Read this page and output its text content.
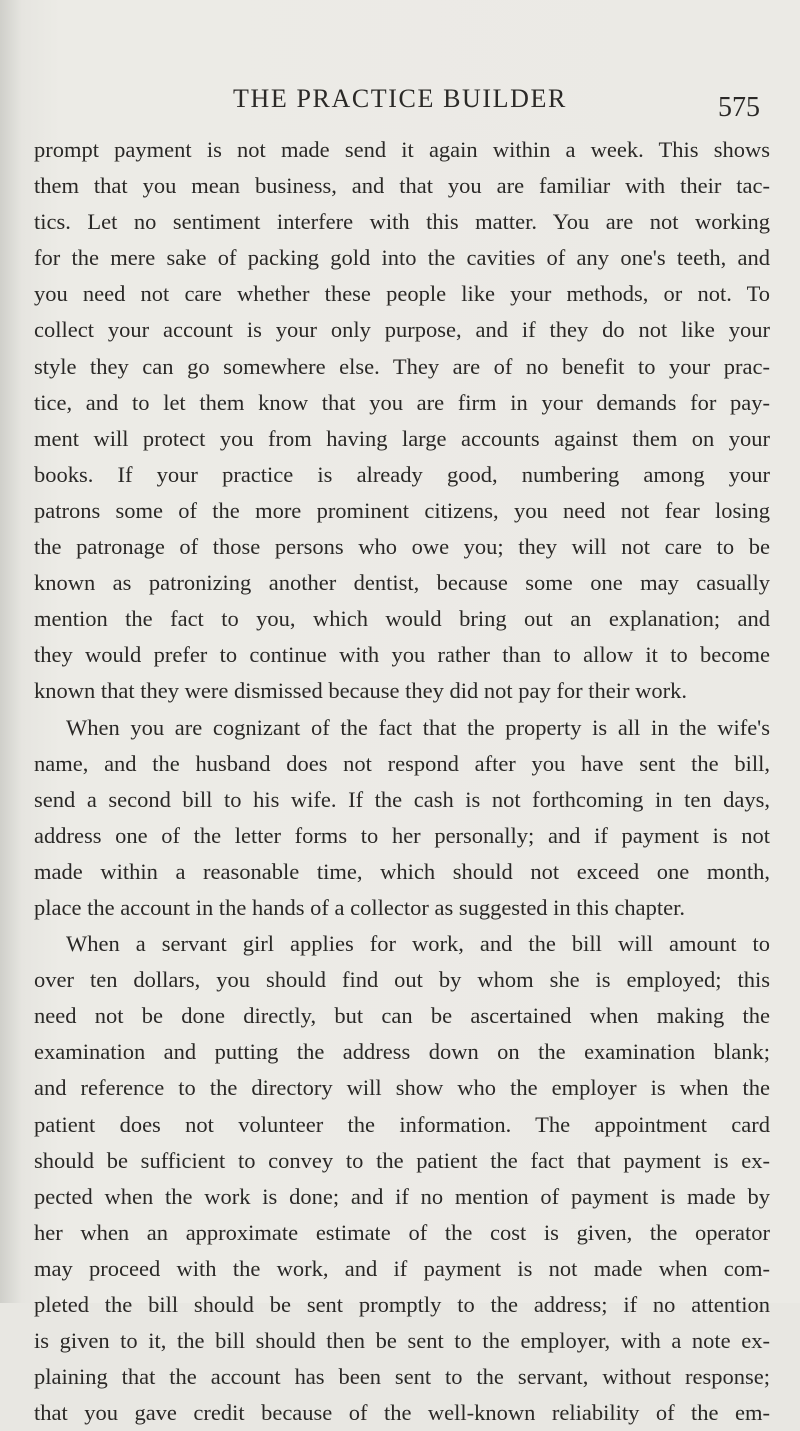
THE PRACTICE BUILDER	575
prompt payment is not made send it again within a week. This shows
them that you mean business, and that you are familiar with their tac-
tics. Let no sentiment interfere with this matter. You are not working
for the mere sake of packing gold into the cavities of any one's teeth, and
you need not care whether these people like your methods, or not. To
collect your account is your only purpose, and if they do not like your
style they can go somewhere else. They are of no benefit to your prac-
tice, and to let them know that you are firm in your demands for pay-
ment will protect you from having large accounts against them on your
books. If your practice is already good, numbering among your
patrons some of the more prominent citizens, you need not fear losing
the patronage of those persons who owe you; they will not care to be
known as patronizing another dentist, because some one may casually
mention the fact to you, which would bring out an explanation; and
they would prefer to continue with you rather than to allow it to become
known that they were dismissed because they did not pay for their work.
When you are cognizant of the fact that the property is all in the wife's
name, and the husband does not respond after you have sent the bill,
send a second bill to his wife. If the cash is not forthcoming in ten days,
address one of the letter forms to her personally; and if payment is not
made within a reasonable time, which should not exceed one month,
place the account in the hands of a collector as suggested in this chapter.
When a servant girl applies for work, and the bill will amount to
over ten dollars, you should find out by whom she is employed; this
need not be done directly, but can be ascertained when making the
examination and putting the address down on the examination blank;
and reference to the directory will show who the employer is when the
patient does not volunteer the information. The appointment card
should be sufficient to convey to the patient the fact that payment is ex-
pected when the work is done; and if no mention of payment is made by
her when an approximate estimate of the cost is given, the operator
may proceed with the work, and if payment is not made when com-
pleted the bill should be sent promptly to the address; if no attention
is given to it, the bill should then be sent to the employer, with a note ex-
plaining that the account has been sent to the servant, without response;
that you gave credit because of the well-known reliability of the em-
